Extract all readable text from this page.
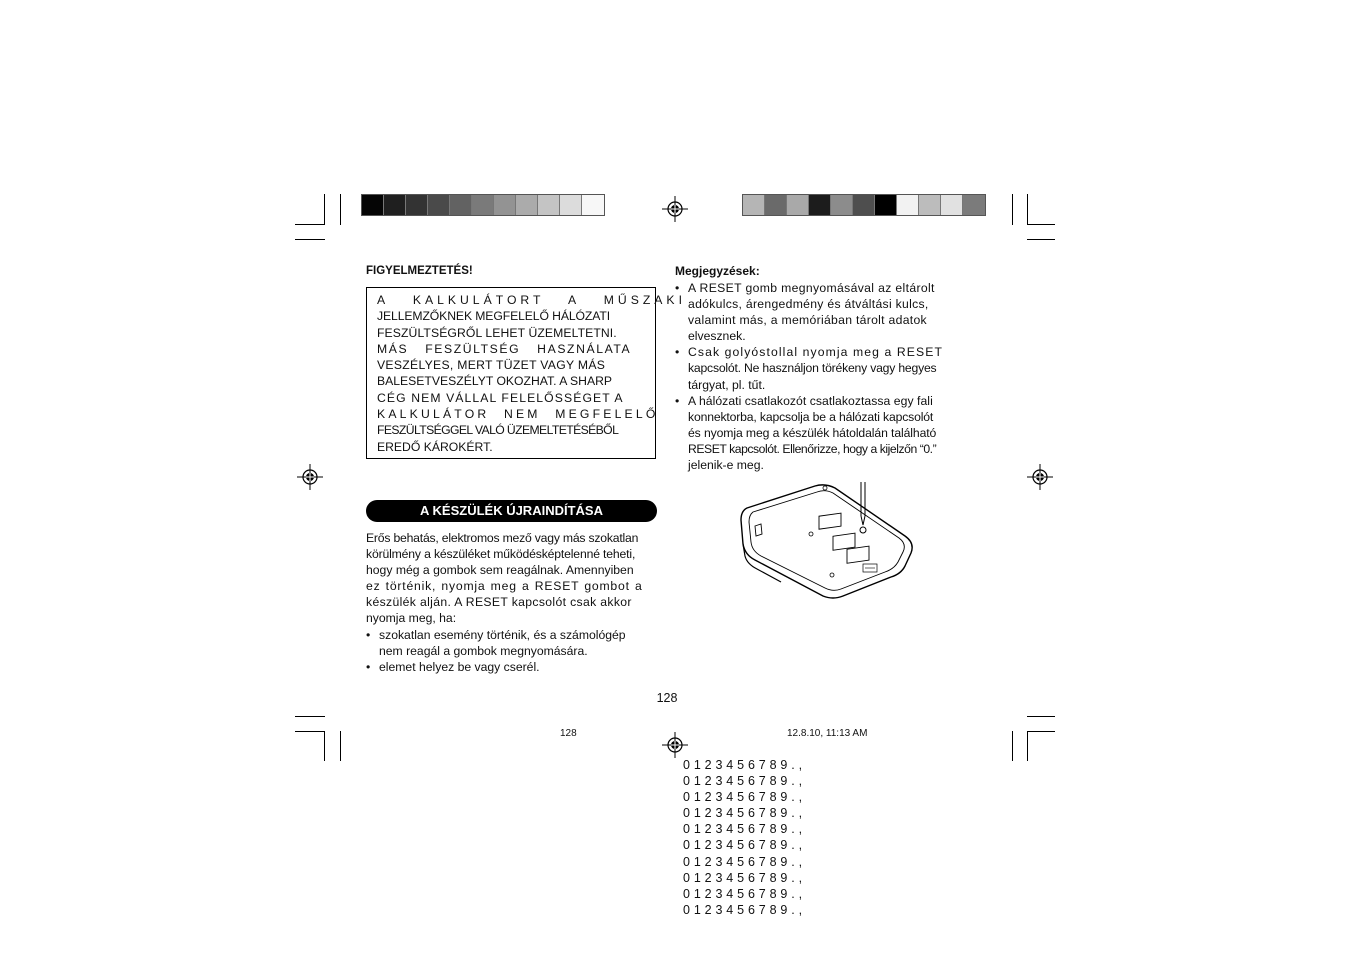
FIGYELMEZTETÉS!
A KALKULÁTORT A MŰSZAKI
JELLEMZŐKNEK MEGFELELŐ HÁLÓZATI
FESZÜLTSÉGRŐL LEHET ÜZEMELTETNI.
MÁS FESZÜLTSÉG HASZNÁLATA
VESZÉLYES, MERT TÜZET VAGY MÁS
BALESETVESZÉLYT OKOZHAT. A SHARP
CÉG NEM VÁLLAL FELELŐSSÉGET A
KALKULÁTOR NEM MEGFELELŐ
FESZÜLTSÉGGEL VALÓ ÜZEMELTETÉSÉBŐL
EREDŐ KÁROKÉRT.
A KÉSZÜLÉK ÚJRAINDÍTÁSA
Erős behatás, elektromos mező vagy más szokatlan
körülmény a készüléket működésképtelenné teheti,
hogy még a gombok sem reagálnak. Amennyiben
ez történik, nyomja meg a RESET gombot a
készülék alján. A RESET kapcsolót csak akkor
nyomja meg, ha:
• szokatlan esemény történik, és a számológép
nem reagál a gombok megnyomására.
• elemet helyez be vagy cserél.
Megjegyzések:
• A RESET gomb megnyomásával az eltárolt
adókulcs, árengedmény és átváltási kulcs,
valamint más, a memóriában tárolt adatok
elvesznek.
• Csak golyóstollal nyomja meg a RESET
kapcsolót. Ne használjon törékeny vagy hegyes
tárgyat, pl. tűt.
• A hálózati csatlakozót csatlakoztassa egy fali
konnektorba, kapcsolja be a hálózati kapcsolót
és nyomja meg a készülék hátoldalán található
RESET kapcsolót. Ellenőrizze, hogy a kijelzőn “0.”
jelenik-e meg.
128
128	12.8.10, 11:13 AM
0 1 2 3 4 5 6 7 8 9 . ,
0 1 2 3 4 5 6 7 8 9 . ,
0 1 2 3 4 5 6 7 8 9 . ,
0 1 2 3 4 5 6 7 8 9 . ,
0 1 2 3 4 5 6 7 8 9 . ,
0 1 2 3 4 5 6 7 8 9 . ,
0 1 2 3 4 5 6 7 8 9 . ,
0 1 2 3 4 5 6 7 8 9 . ,
0 1 2 3 4 5 6 7 8 9 . ,
0 1 2 3 4 5 6 7 8 9 . ,
